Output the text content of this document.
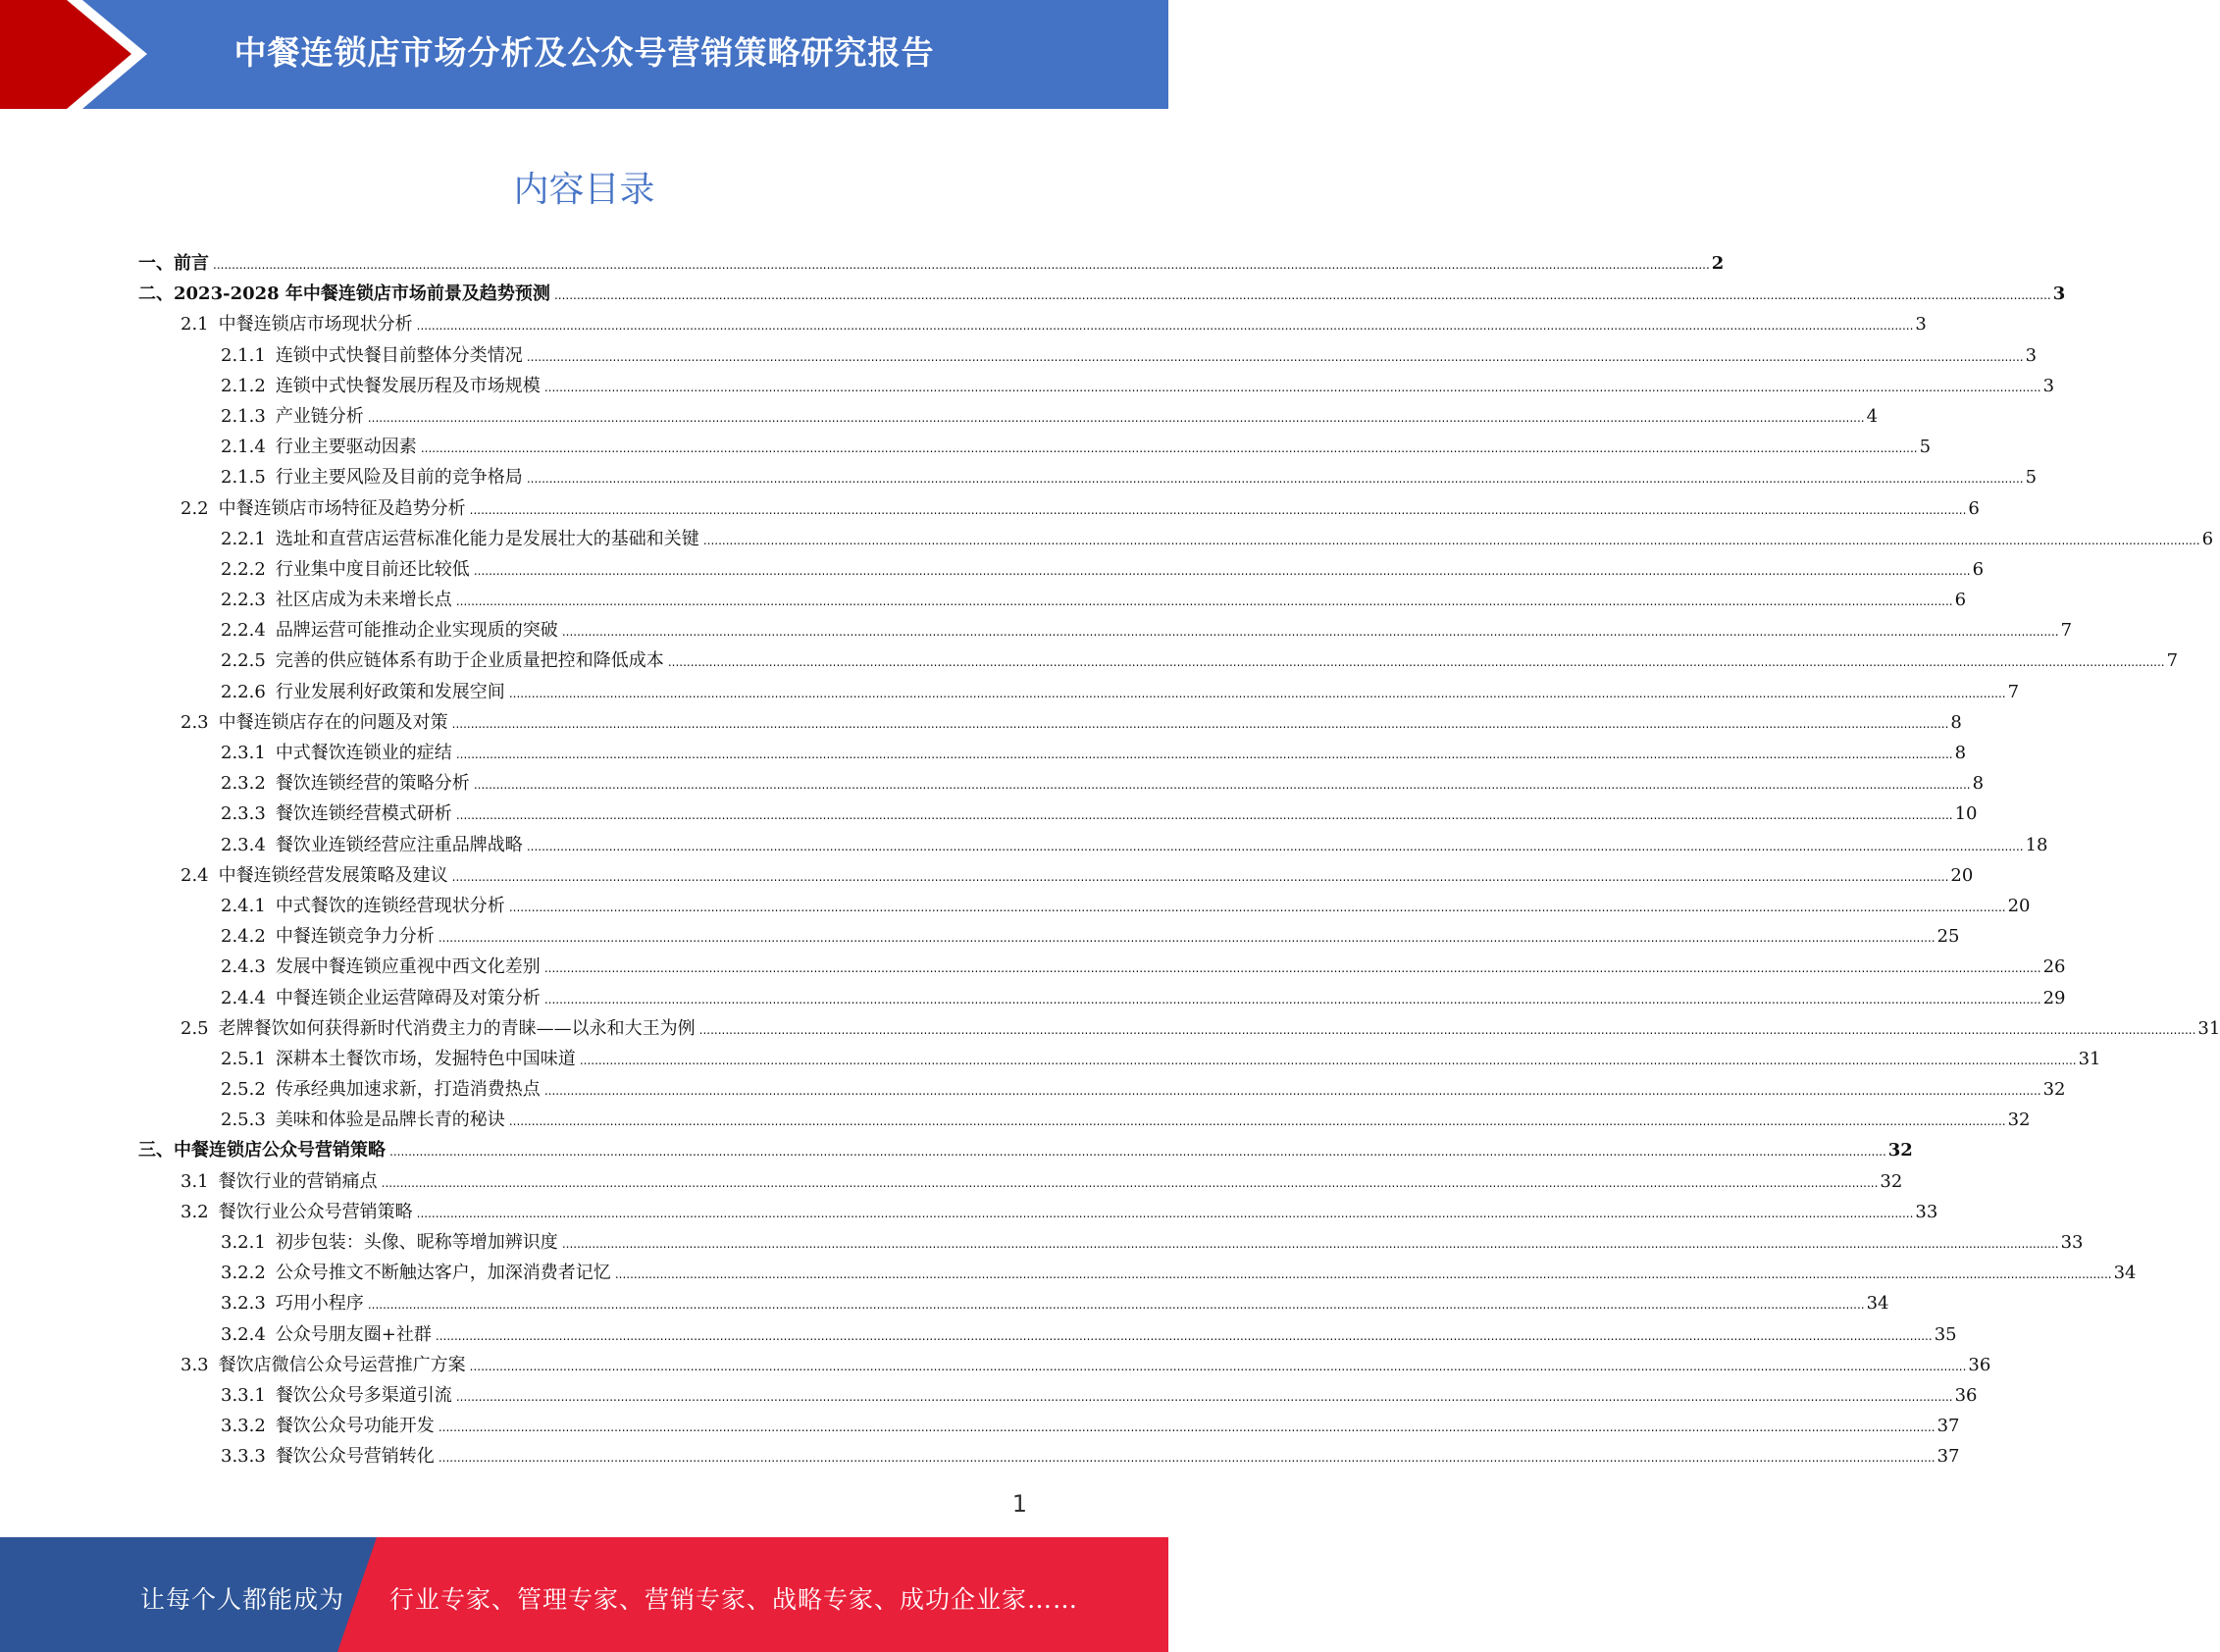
中餐连锁店市场分析及公众号营销策略研究报告
内容目录
一、 前言 ................................................................................................................................................................................................................................................................................................................................................................................................................ 2
二、 2023-2028 年中餐连锁店市场前景及趋势预测 ................................................................................................................................................................................................................................................................................................................................................................................................................ 3
2.1 中餐连锁店市场现状分析 ................................................................................................................................................................................................................................................................................................................................................................................................................ 3
2.1.1 连锁中式快餐目前整体分类情况 ................................................................................................................................................................................................................................................................................................................................................................................................................ 3
2.1.2 连锁中式快餐发展历程及市场规模 ................................................................................................................................................................................................................................................................................................................................................................................................................ 3
2.1.3 产业链分析 ................................................................................................................................................................................................................................................................................................................................................................................................................ 4
2.1.4 行业主要驱动因素 ................................................................................................................................................................................................................................................................................................................................................................................................................ 5
2.1.5 行业主要风险及目前的竞争格局 ................................................................................................................................................................................................................................................................................................................................................................................................................ 5
2.2 中餐连锁店市场特征及趋势分析 ................................................................................................................................................................................................................................................................................................................................................................................................................ 6
2.2.1 选址和直营店运营标准化能力是发展壮大的基础和关键 ................................................................................................................................................................................................................................................................................................................................................................................................................ 6
2.2.2 行业集中度目前还比较低 ................................................................................................................................................................................................................................................................................................................................................................................................................ 6
2.2.3 社区店成为未来增长点 ................................................................................................................................................................................................................................................................................................................................................................................................................ 6
2.2.4 品牌运营可能推动企业实现质的突破 ................................................................................................................................................................................................................................................................................................................................................................................................................ 7
2.2.5 完善的供应链体系有助于企业质量把控和降低成本 ................................................................................................................................................................................................................................................................................................................................................................................................................ 7
2.2.6 行业发展利好政策和发展空间 ................................................................................................................................................................................................................................................................................................................................................................................................................ 7
2.3 中餐连锁店存在的问题及对策 ................................................................................................................................................................................................................................................................................................................................................................................................................ 8
2.3.1 中式餐饮连锁业的症结 ................................................................................................................................................................................................................................................................................................................................................................................................................ 8
2.3.2 餐饮连锁经营的策略分析 ................................................................................................................................................................................................................................................................................................................................................................................................................ 8
2.3.3 餐饮连锁经营模式研析 ................................................................................................................................................................................................................................................................................................................................................................................................................ 10
2.3.4 餐饮业连锁经营应注重品牌战略 ................................................................................................................................................................................................................................................................................................................................................................................................................ 18
2.4 中餐连锁经营发展策略及建议 ................................................................................................................................................................................................................................................................................................................................................................................................................ 20
2.4.1 中式餐饮的连锁经营现状分析 ................................................................................................................................................................................................................................................................................................................................................................................................................ 20
2.4.2 中餐连锁竞争力分析 ................................................................................................................................................................................................................................................................................................................................................................................................................ 25
2.4.3 发展中餐连锁应重视中西文化差别 ................................................................................................................................................................................................................................................................................................................................................................................................................ 26
2.4.4 中餐连锁企业运营障碍及对策分析 ................................................................................................................................................................................................................................................................................................................................................................................................................ 29
2.5 老牌餐饮如何获得新时代消费主力的青睐——以永和大王为例 ................................................................................................................................................................................................................................................................................................................................................................................................................ 31
2.5.1 深耕本土餐饮市场，发掘特色中国味道 ................................................................................................................................................................................................................................................................................................................................................................................................................ 31
2.5.2 传承经典加速求新，打造消费热点 ................................................................................................................................................................................................................................................................................................................................................................................................................ 32
2.5.3 美味和体验是品牌长青的秘诀 ................................................................................................................................................................................................................................................................................................................................................................................................................ 32
三、 中餐连锁店公众号营销策略 ................................................................................................................................................................................................................................................................................................................................................................................................................ 32
3.1 餐饮行业的营销痛点 ................................................................................................................................................................................................................................................................................................................................................................................................................ 32
3.2 餐饮行业公众号营销策略 ................................................................................................................................................................................................................................................................................................................................................................................................................ 33
3.2.1 初步包装：头像、昵称等增加辨识度 ................................................................................................................................................................................................................................................................................................................................................................................................................ 33
3.2.2 公众号推文不断触达客户，加深消费者记忆 ................................................................................................................................................................................................................................................................................................................................................................................................................ 34
3.2.3 巧用小程序 ................................................................................................................................................................................................................................................................................................................................................................................................................ 34
3.2.4 公众号朋友圈+社群 ................................................................................................................................................................................................................................................................................................................................................................................................................ 35
3.3 餐饮店微信公众号运营推广方案 ................................................................................................................................................................................................................................................................................................................................................................................................................ 36
3.3.1 餐饮公众号多渠道引流 ................................................................................................................................................................................................................................................................................................................................................................................................................ 36
3.3.2 餐饮公众号功能开发 ................................................................................................................................................................................................................................................................................................................................................................................................................ 37
3.3.3 餐饮公众号营销转化 ................................................................................................................................................................................................................................................................................................................................................................................................................ 37
1
让每个人都能成为 行业专家、管理专家、营销专家、战略专家、成功企业家……
